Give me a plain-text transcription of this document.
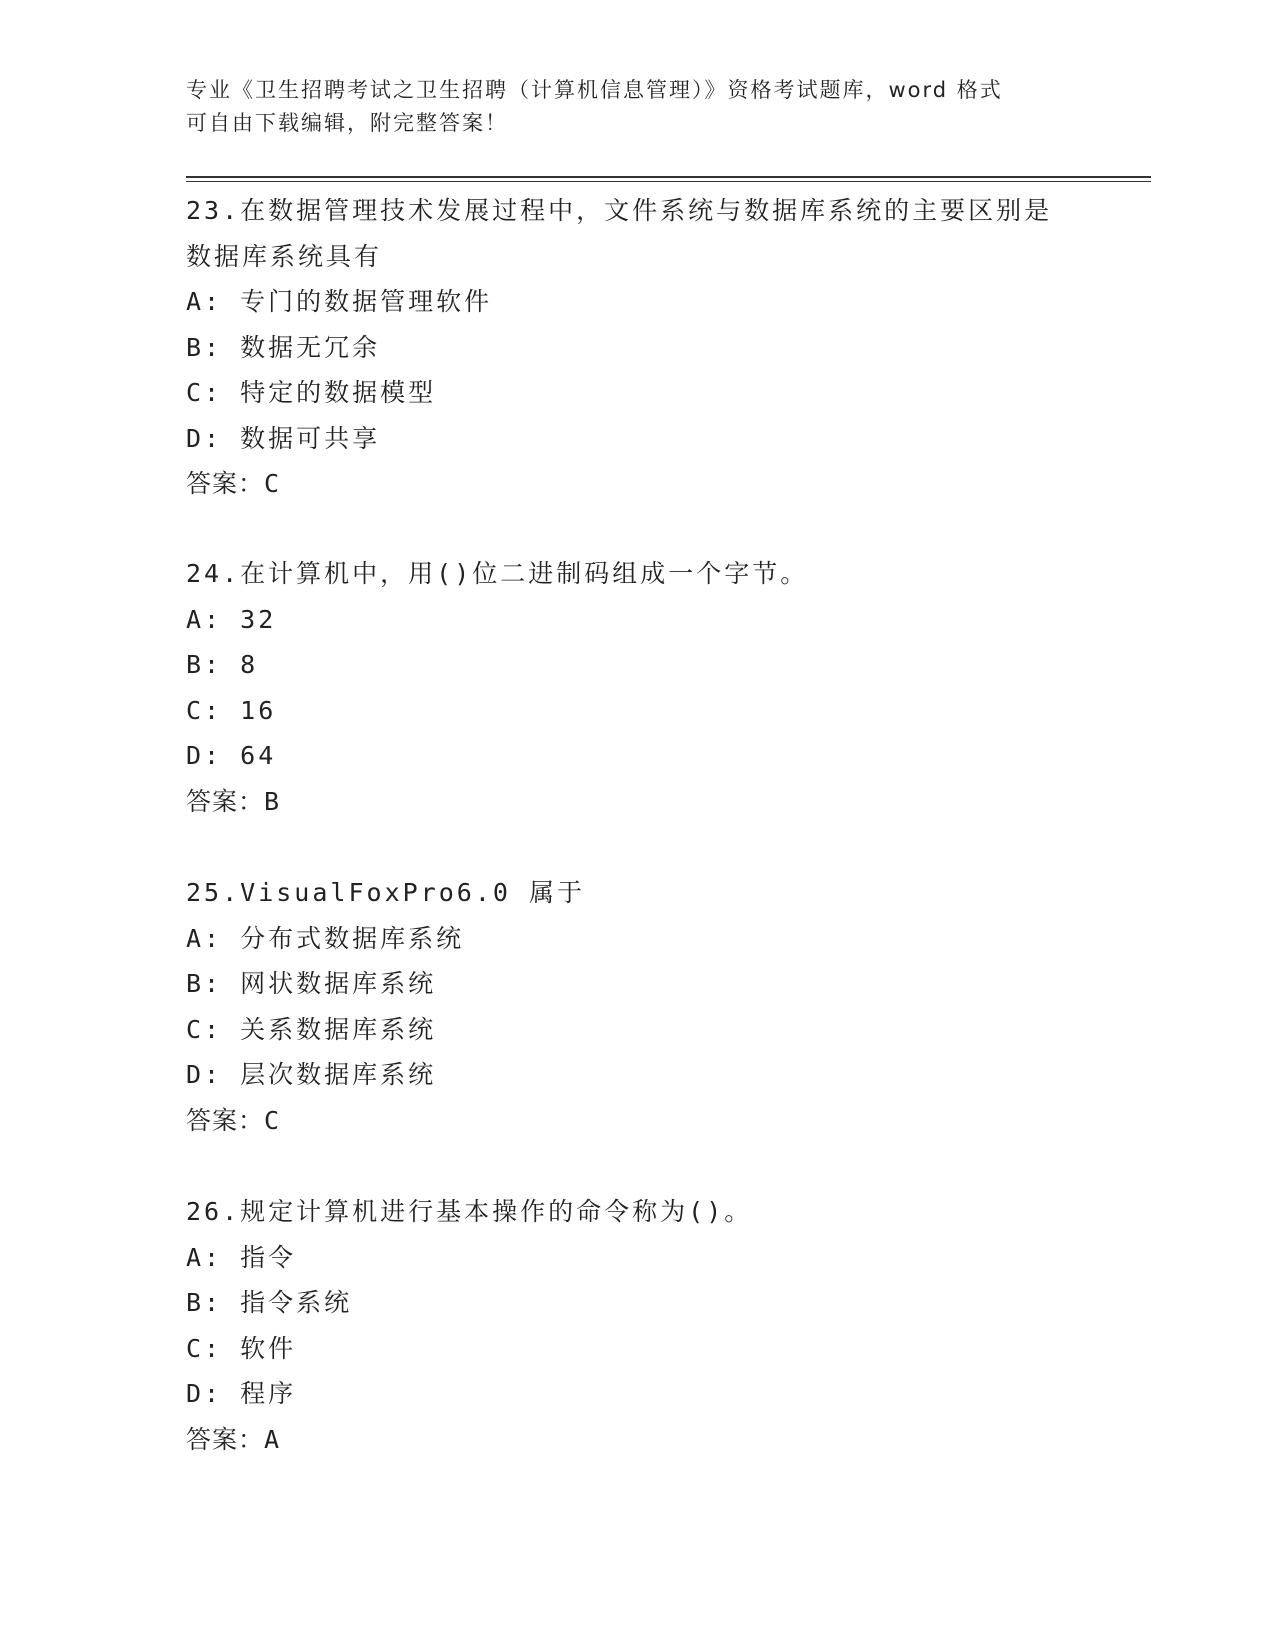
专业《卫生招聘考试之卫生招聘（计算机信息管理）》资格考试题库，word 格式
可自由下载编辑，附完整答案！
23.在数据管理技术发展过程中，文件系统与数据库系统的主要区别是
数据库系统具有
A: 专门的数据管理软件
B: 数据无冗余
C: 特定的数据模型
D: 数据可共享
答案：C
24.在计算机中，用()位二进制码组成一个字节。
A: 32
B: 8
C: 16
D: 64
答案：B
25.VisualFoxPro6.0 属于
A: 分布式数据库系统
B: 网状数据库系统
C: 关系数据库系统
D: 层次数据库系统
答案：C
26.规定计算机进行基本操作的命令称为()。
A: 指令
B: 指令系统
C: 软件
D: 程序
答案：A
